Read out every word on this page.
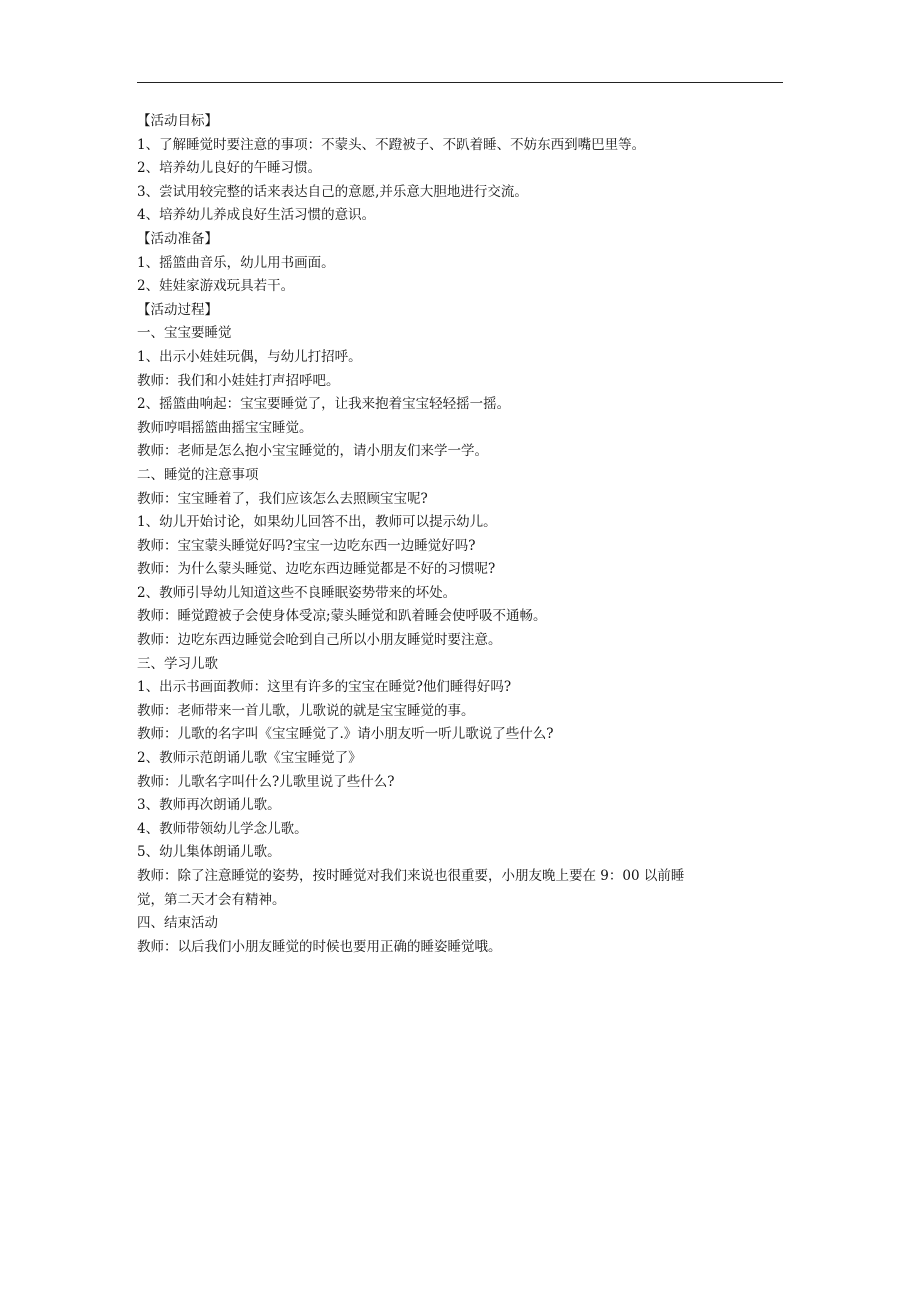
【活动目标】
1、了解睡觉时要注意的事项：不蒙头、不蹬被子、不趴着睡、不妨东西到嘴巴里等。
2、培养幼儿良好的午睡习惯。
3、尝试用较完整的话来表达自己的意愿,并乐意大胆地进行交流。
4、培养幼儿养成良好生活习惯的意识。
【活动准备】
1、摇篮曲音乐，幼儿用书画面。
2、娃娃家游戏玩具若干。
【活动过程】
一、宝宝要睡觉
1、出示小娃娃玩偶，与幼儿打招呼。
教师：我们和小娃娃打声招呼吧。
2、摇篮曲响起：宝宝要睡觉了，让我来抱着宝宝轻轻摇一摇。
教师哼唱摇篮曲摇宝宝睡觉。
教师：老师是怎么抱小宝宝睡觉的，请小朋友们来学一学。
二、睡觉的注意事项
教师：宝宝睡着了，我们应该怎么去照顾宝宝呢?
1、幼儿开始讨论，如果幼儿回答不出，教师可以提示幼儿。
教师：宝宝蒙头睡觉好吗?宝宝一边吃东西一边睡觉好吗?
教师：为什么蒙头睡觉、边吃东西边睡觉都是不好的习惯呢?
2、教师引导幼儿知道这些不良睡眠姿势带来的坏处。
教师：睡觉蹬被子会使身体受凉;蒙头睡觉和趴着睡会使呼吸不通畅。
教师：边吃东西边睡觉会呛到自己所以小朋友睡觉时要注意。
三、学习儿歌
1、出示书画面教师：这里有许多的宝宝在睡觉?他们睡得好吗?
教师：老师带来一首儿歌，儿歌说的就是宝宝睡觉的事。
教师：儿歌的名字叫《宝宝睡觉了.》请小朋友听一听儿歌说了些什么?
2、教师示范朗诵儿歌《宝宝睡觉了》
教师：儿歌名字叫什么?儿歌里说了些什么?
3、教师再次朗诵儿歌。
4、教师带领幼儿学念儿歌。
5、幼儿集体朗诵儿歌。
教师：除了注意睡觉的姿势，按时睡觉对我们来说也很重要，小朋友晚上要在 9：00 以前睡
觉，第二天才会有精神。
四、结束活动
教师：以后我们小朋友睡觉的时候也要用正确的睡姿睡觉哦。
